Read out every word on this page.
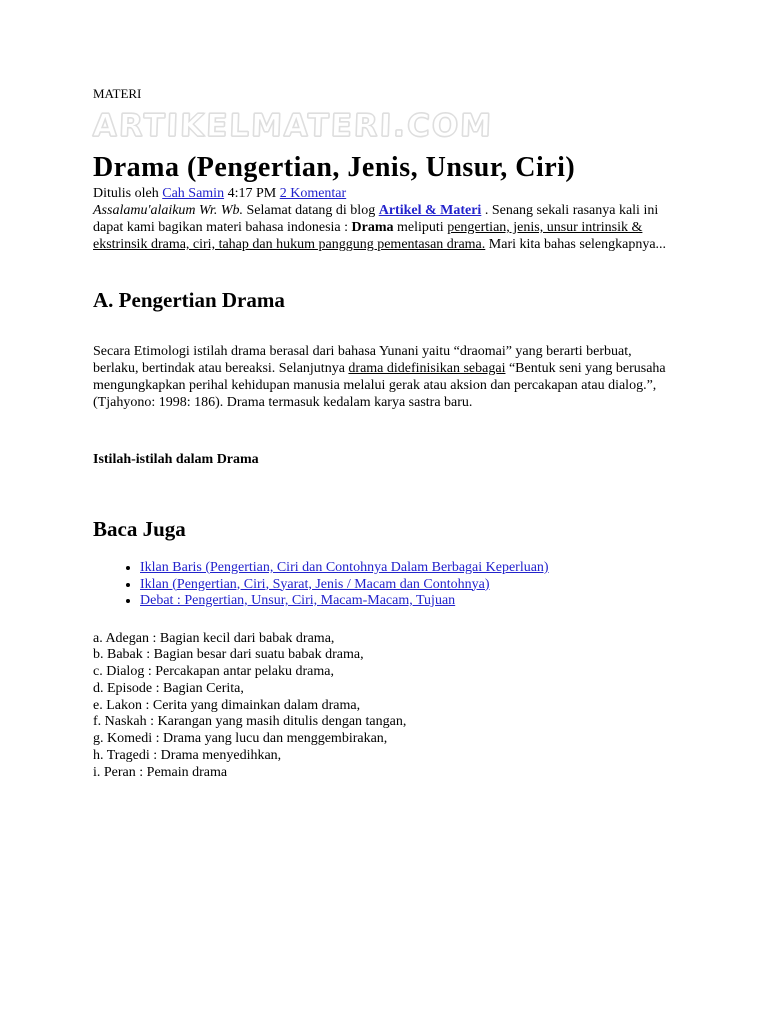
MATERI
ARTIKELMATERI.COM
Drama (Pengertian, Jenis, Unsur, Ciri)
Ditulis oleh Cah Samin 4:17 PM 2 Komentar

Assalamu'alaikum Wr. Wb. Selamat datang di blog Artikel & Materi . Senang sekali rasanya kali ini dapat kami bagikan materi bahasa indonesia : Drama meliputi pengertian, jenis, unsur intrinsik & ekstrinsik drama, ciri, tahap dan hukum panggung pementasan drama. Mari kita bahas selengkapnya...

A. Pengertian Drama

Secara Etimologi istilah drama berasal dari bahasa Yunani yaitu “draomai” yang berarti berbuat, berlaku, bertindak atau bereaksi. Selanjutnya drama didefinisikan sebagai “Bentuk seni yang berusaha mengungkapkan perihal kehidupan manusia melalui gerak atau aksion dan percakapan atau dialog.”, (Tjahyono: 1998: 186). Drama termasuk kedalam karya sastra baru.

Istilah-istilah dalam Drama
Baca Juga
• Iklan Baris (Pengertian, Ciri dan Contohnya Dalam Berbagai Keperluan)
• Iklan (Pengertian, Ciri, Syarat, Jenis / Macam dan Contohnya)
• Debat : Pengertian, Unsur, Ciri, Macam-Macam, Tujuan
a. Adegan : Bagian kecil dari babak drama,
b. Babak : Bagian besar dari suatu babak drama,
c. Dialog : Percakapan antar pelaku drama,
d. Episode : Bagian Cerita,
e. Lakon : Cerita yang dimainkan dalam drama,
f. Naskah : Karangan yang masih ditulis dengan tangan,
g. Komedi : Drama yang lucu dan menggembirakan,
h. Tragedi : Drama menyedihkan,
i. Peran : Pemain drama
